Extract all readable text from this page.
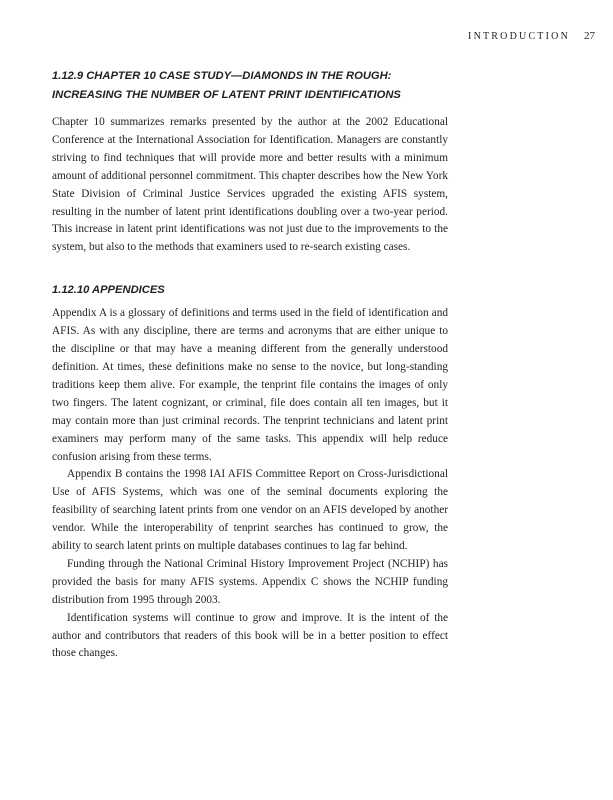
INTRODUCTION 27
1.12.9 CHAPTER 10 CASE STUDY—DIAMONDS IN THE ROUGH:
INCREASING THE NUMBER OF LATENT PRINT IDENTIFICATIONS

Chapter 10 summarizes remarks presented by the author at the 2002 Educational Conference at the International Association for Identification. Managers are constantly striving to find techniques that will provide more and better results with a minimum amount of additional personnel commitment. This chapter describes how the New York State Division of Criminal Justice Services upgraded the existing AFIS system, resulting in the number of latent print identifications doubling over a two-year period. This increase in latent print identifications was not just due to the improvements to the system, but also to the methods that examiners used to re-search existing cases.

1.12.10 APPENDICES

Appendix A is a glossary of definitions and terms used in the field of identification and AFIS. As with any discipline, there are terms and acronyms that are either unique to the discipline or that may have a meaning different from the generally understood definition. At times, these definitions make no sense to the novice, but long-standing traditions keep them alive. For example, the tenprint file contains the images of only two fingers. The latent cognizant, or criminal, file does contain all ten images, but it may contain more than just criminal records. The tenprint technicians and latent print examiners may perform many of the same tasks. This appendix will help reduce confusion arising from these terms.

Appendix B contains the 1998 IAI AFIS Committee Report on Cross-Jurisdictional Use of AFIS Systems, which was one of the seminal documents exploring the feasibility of searching latent prints from one vendor on an AFIS developed by another vendor. While the interoperability of tenprint searches has continued to grow, the ability to search latent prints on multiple databases continues to lag far behind.

Funding through the National Criminal History Improvement Project (NCHIP) has provided the basis for many AFIS systems. Appendix C shows the NCHIP funding distribution from 1995 through 2003.

Identification systems will continue to grow and improve. It is the intent of the author and contributors that readers of this book will be in a better position to effect those changes.
